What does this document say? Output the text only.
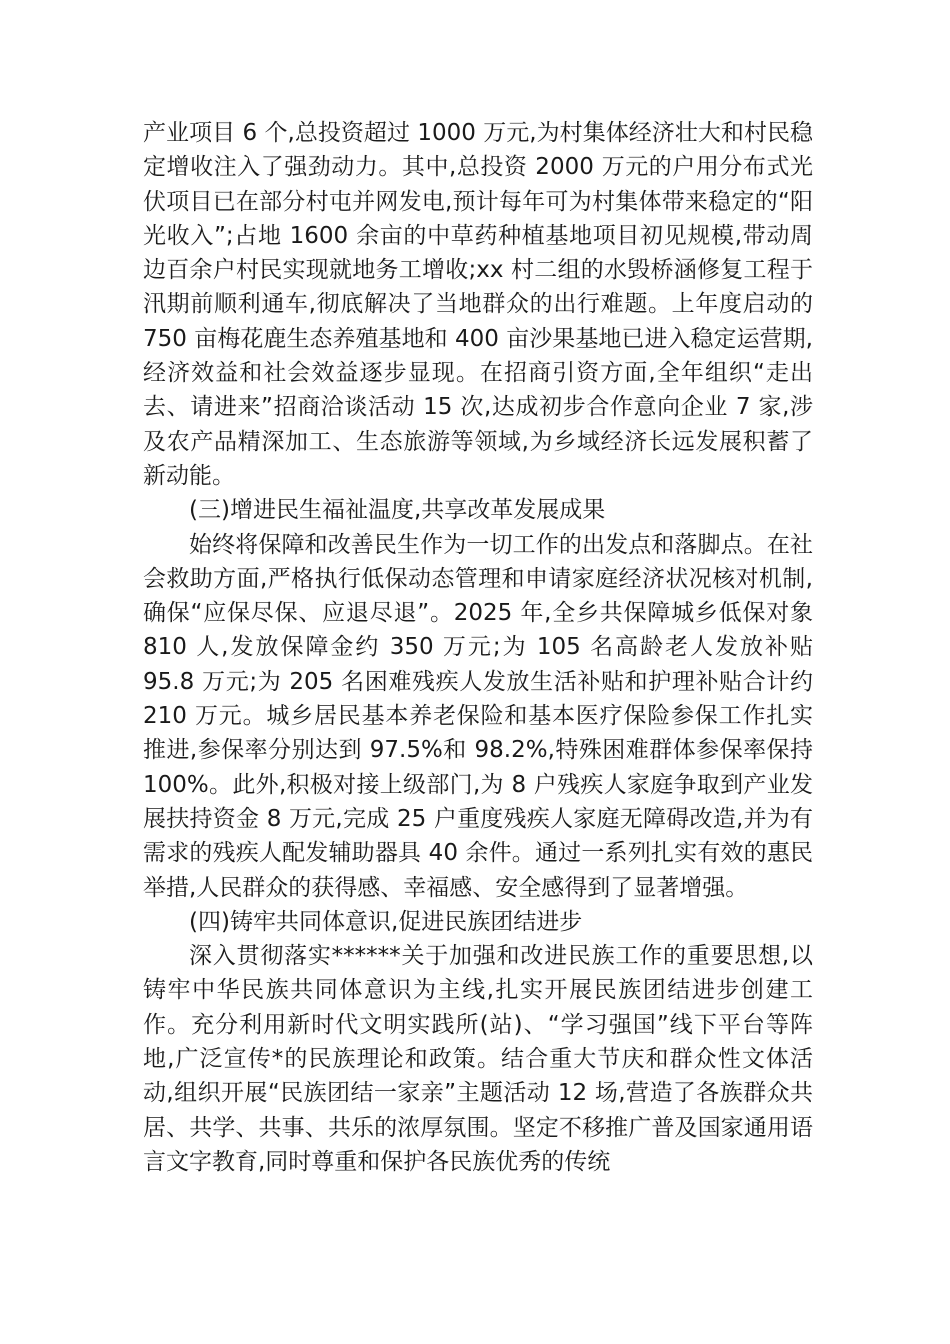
产业项目 6 个,总投资超过 1000 万元,为村集体经济壮大和村民稳定增收注入了强劲动力。其中,总投资 2000 万元的户用分布式光伏项目已在部分村屯并网发电,预计每年可为村集体带来稳定的“阳光收入”;占地 1600 余亩的中草药种植基地项目初见规模,带动周边百余户村民实现就地务工增收;xx 村二组的水毁桥涵修复工程于汛期前顺利通车,彻底解决了当地群众的出行难题。上年度启动的 750 亩梅花鹿生态养殖基地和 400 亩沙果基地已进入稳定运营期,经济效益和社会效益逐步显现。在招商引资方面,全年组织“走出去、请进来”招商洽谈活动 15 次,达成初步合作意向企业 7 家,涉及农产品精深加工、生态旅游等领域,为乡域经济长远发展积蓄了新动能。

(三)增进民生福祉温度,共享改革发展成果

始终将保障和改善民生作为一切工作的出发点和落脚点。在社会救助方面,严格执行低保动态管理和申请家庭经济状况核对机制,确保“应保尽保、应退尽退”。2025 年,全乡共保障城乡低保对象 810 人,发放保障金约 350 万元;为 105 名高龄老人发放补贴 95.8 万元;为 205 名困难残疾人发放生活补贴和护理补贴合计约 210 万元。城乡居民基本养老保险和基本医疗保险参保工作扎实推进,参保率分别达到 97.5%和 98.2%,特殊困难群体参保率保持 100%。此外,积极对接上级部门,为 8 户残疾人家庭争取到产业发展扶持资金 8 万元,完成 25 户重度残疾人家庭无障碍改造,并为有需求的残疾人配发辅助器具 40 余件。通过一系列扎实有效的惠民举措,人民群众的获得感、幸福感、安全感得到了显著增强。

(四)铸牢共同体意识,促进民族团结进步

深入贯彻落实******关于加强和改进民族工作的重要思想,以铸牢中华民族共同体意识为主线,扎实开展民族团结进步创建工作。充分利用新时代文明实践所(站)、“学习强国”线下平台等阵地,广泛宣传*的民族理论和政策。结合重大节庆和群众性文体活动,组织开展“民族团结一家亲”主题活动 12 场,营造了各族群众共居、共学、共事、共乐的浓厚氛围。坚定不移推广普及国家通用语言文字教育,同时尊重和保护各民族优秀的传统
